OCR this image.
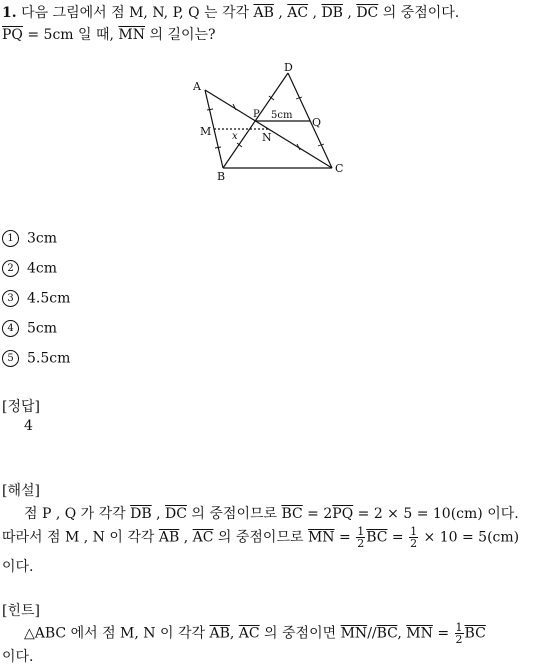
1. 다음 그림에서 점 M, N, P, Q 는 각각 $\overline{AB}$ , $\overline{AC}$ , $\overline{DB}$ , $\overline{DC}$ 의 중점이다.
$\overline{PQ} = 5cm$ 일 때, $\overline{MN}$ 의 길이는?
A
B
C
D
M	N
P
Q
5cm
x
1 3cm
2 4cm
3 4.5cm
4 5cm
5 5.5cm
[정답]
4
[해설]
점 P , Q 가 각각 $\overline{DB}$ , $\overline{DC}$ 의 중점이므로 $\overline{BC} = 2\overline{PQ} = 2 \times 5 = 10(cm)$ 이다.
따라서 점 M , N 이 각각 $\overline{AB}$ , $\overline{AC}$ 의 중점이므로 $\overline{MN} = \frac{1}{2} \overline{BC} = \frac{1}{2} \times 10 = 5(cm)$
이다.
[힌트]
△ABC 에서 점 M, N 이 각각 $\overline{AB}$, $\overline{AC}$ 의 중점이면 $\overline{MN}//\overline{BC}$, $\overline{MN} = \frac{1}{2} \overline{BC}$
이다.
